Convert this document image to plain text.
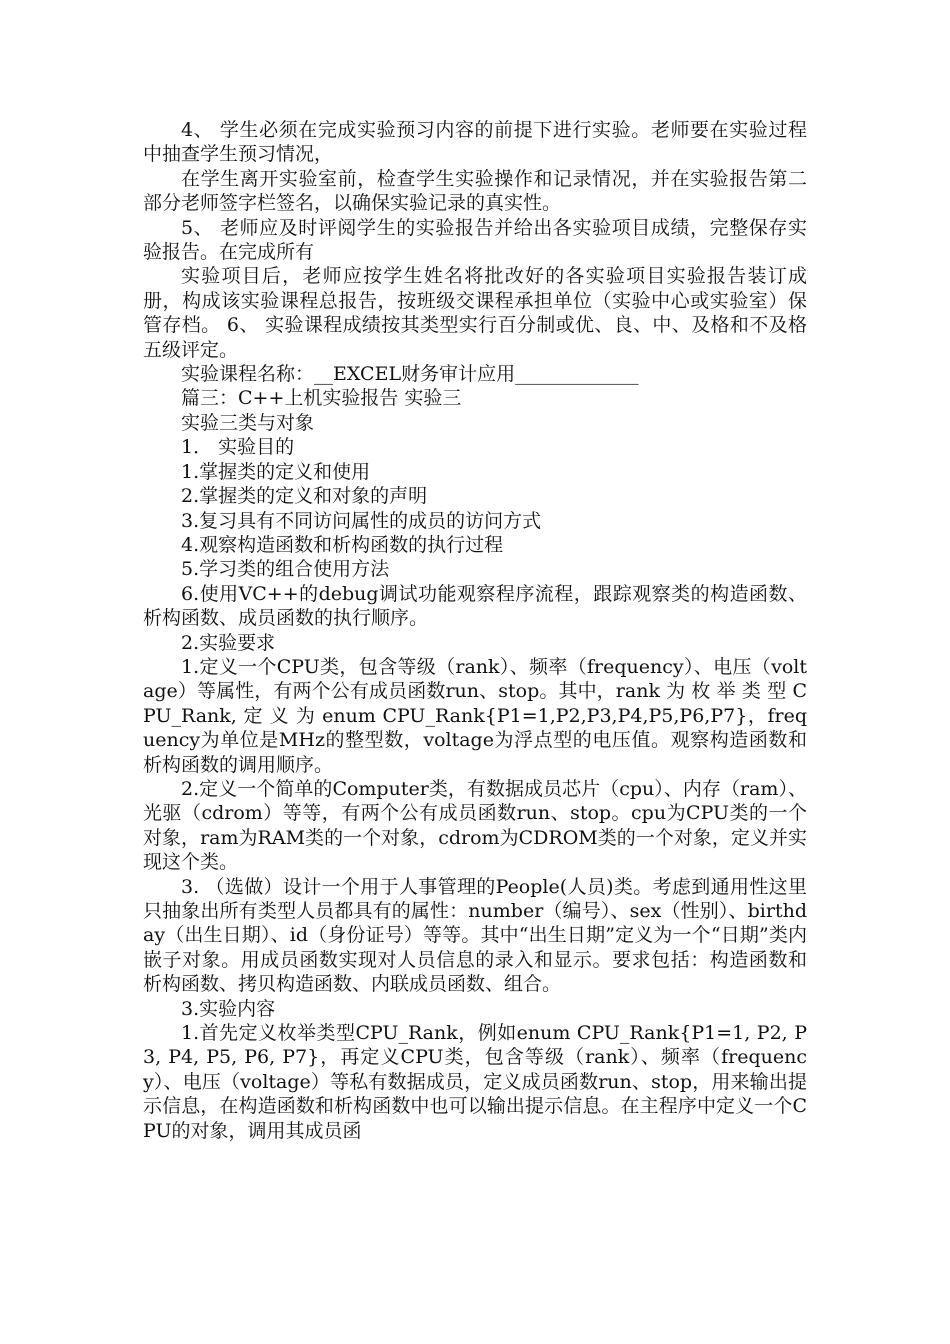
4、 学生必须在完成实验预习内容的前提下进行实验。老师要在实验过程中抽查学生预习情况，

在学生离开实验室前，检查学生实验操作和记录情况，并在实验报告第二部分老师签字栏签名，以确保实验记录的真实性。

5、 老师应及时评阅学生的实验报告并给出各实验项目成绩，完整保存实验报告。在完成所有

实验项目后，老师应按学生姓名将批改好的各实验项目实验报告装订成册，构成该实验课程总报告，按班级交课程承担单位（实验中心或实验室）保管存档。 6、 实验课程成绩按其类型实行百分制或优、良、中、及格和不及格五级评定。

实验课程名称：__EXCEL财务审计应用_____________

篇三：C++上机实验报告 实验三

实验三类与对象

1． 实验目的

1.掌握类的定义和使用

2.掌握类的定义和对象的声明

3.复习具有不同访问属性的成员的访问方式

4.观察构造函数和析构函数的执行过程

5.学习类的组合使用方法

6.使用VC++的debug调试功能观察程序流程，跟踪观察类的构造函数、析构函数、成员函数的执行顺序。

2.实验要求

1.定义一个CPU类，包含等级（rank）、频率（frequency）、电压（voltage）等属性，有两个公有成员函数run、stop。其中，rank 为 枚 举 类 型 CPU_Rank, 定 义 为 enum CPU_Rank{P1=1,P2,P3,P4,P5,P6,P7}，frequency为单位是MHz的整型数，voltage为浮点型的电压值。观察构造函数和析构函数的调用顺序。

2.定义一个简单的Computer类，有数据成员芯片（cpu）、内存（ram）、光驱（cdrom）等等，有两个公有成员函数run、stop。cpu为CPU类的一个对象，ram为RAM类的一个对象，cdrom为CDROM类的一个对象，定义并实现这个类。

3. （选做）设计一个用于人事管理的People(人员)类。考虑到通用性这里只抽象出所有类型人员都具有的属性：number（编号）、sex（性别）、birthday（出生日期）、id（身份证号）等等。其中“出生日期”定义为一个“日期”类内嵌子对象。用成员函数实现对人员信息的录入和显示。要求包括：构造函数和析构函数、拷贝构造函数、内联成员函数、组合。

3.实验内容

1.首先定义枚举类型CPU_Rank，例如enum CPU_Rank{P1=1, P2, P3, P4, P5, P6, P7}，再定义CPU类，包含等级（rank）、频率（frequency）、电压（voltage）等私有数据成员，定义成员函数run、stop，用来输出提示信息，在构造函数和析构函数中也可以输出提示信息。在主程序中定义一个CPU的对象，调用其成员函
